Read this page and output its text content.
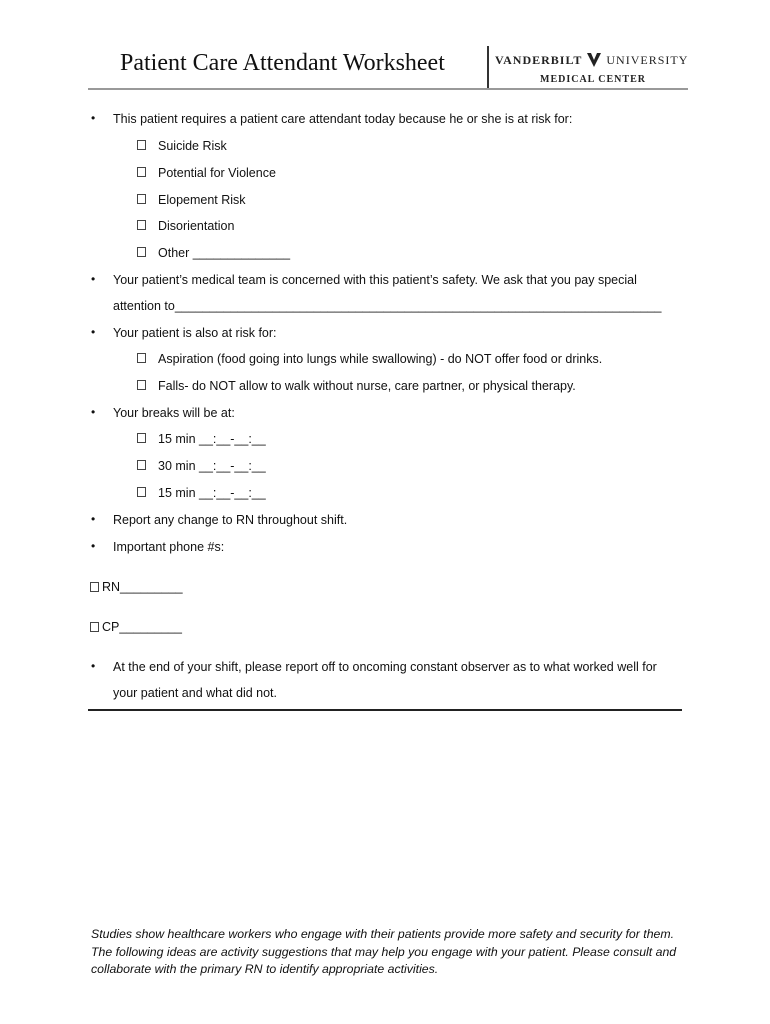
Patient Care Attendant Worksheet	VANDERBILT UNIVERSITY
MEDICAL CENTER
• This patient requires a patient care attendant today because he or she is at risk for:
Suicide Risk
Potential for Violence
Elopement Risk
Disorientation
Other ______________
• Your patient’s medical team is concerned with this patient’s safety. We ask that you pay special
attention to______________________________________________________________________
• Your patient is also at risk for:
Aspiration (food going into lungs while swallowing) - do NOT offer food or drinks.
Falls- do NOT allow to walk without nurse, care partner, or physical therapy.
• Your breaks will be at:
15 min __:__-__:__
30 min __:__-__:__
15 min __:__-__:__
• Report any change to RN throughout shift.
• Important phone #s:
RN_________
CP_________
• At the end of your shift, please report off to oncoming constant observer as to what worked well for
your patient and what did not.
Studies show healthcare workers who engage with their patients provide more safety and security for them. The following ideas are activity suggestions that may help you engage with your patient. Please consult and collaborate with the primary RN to identify appropriate activities.
